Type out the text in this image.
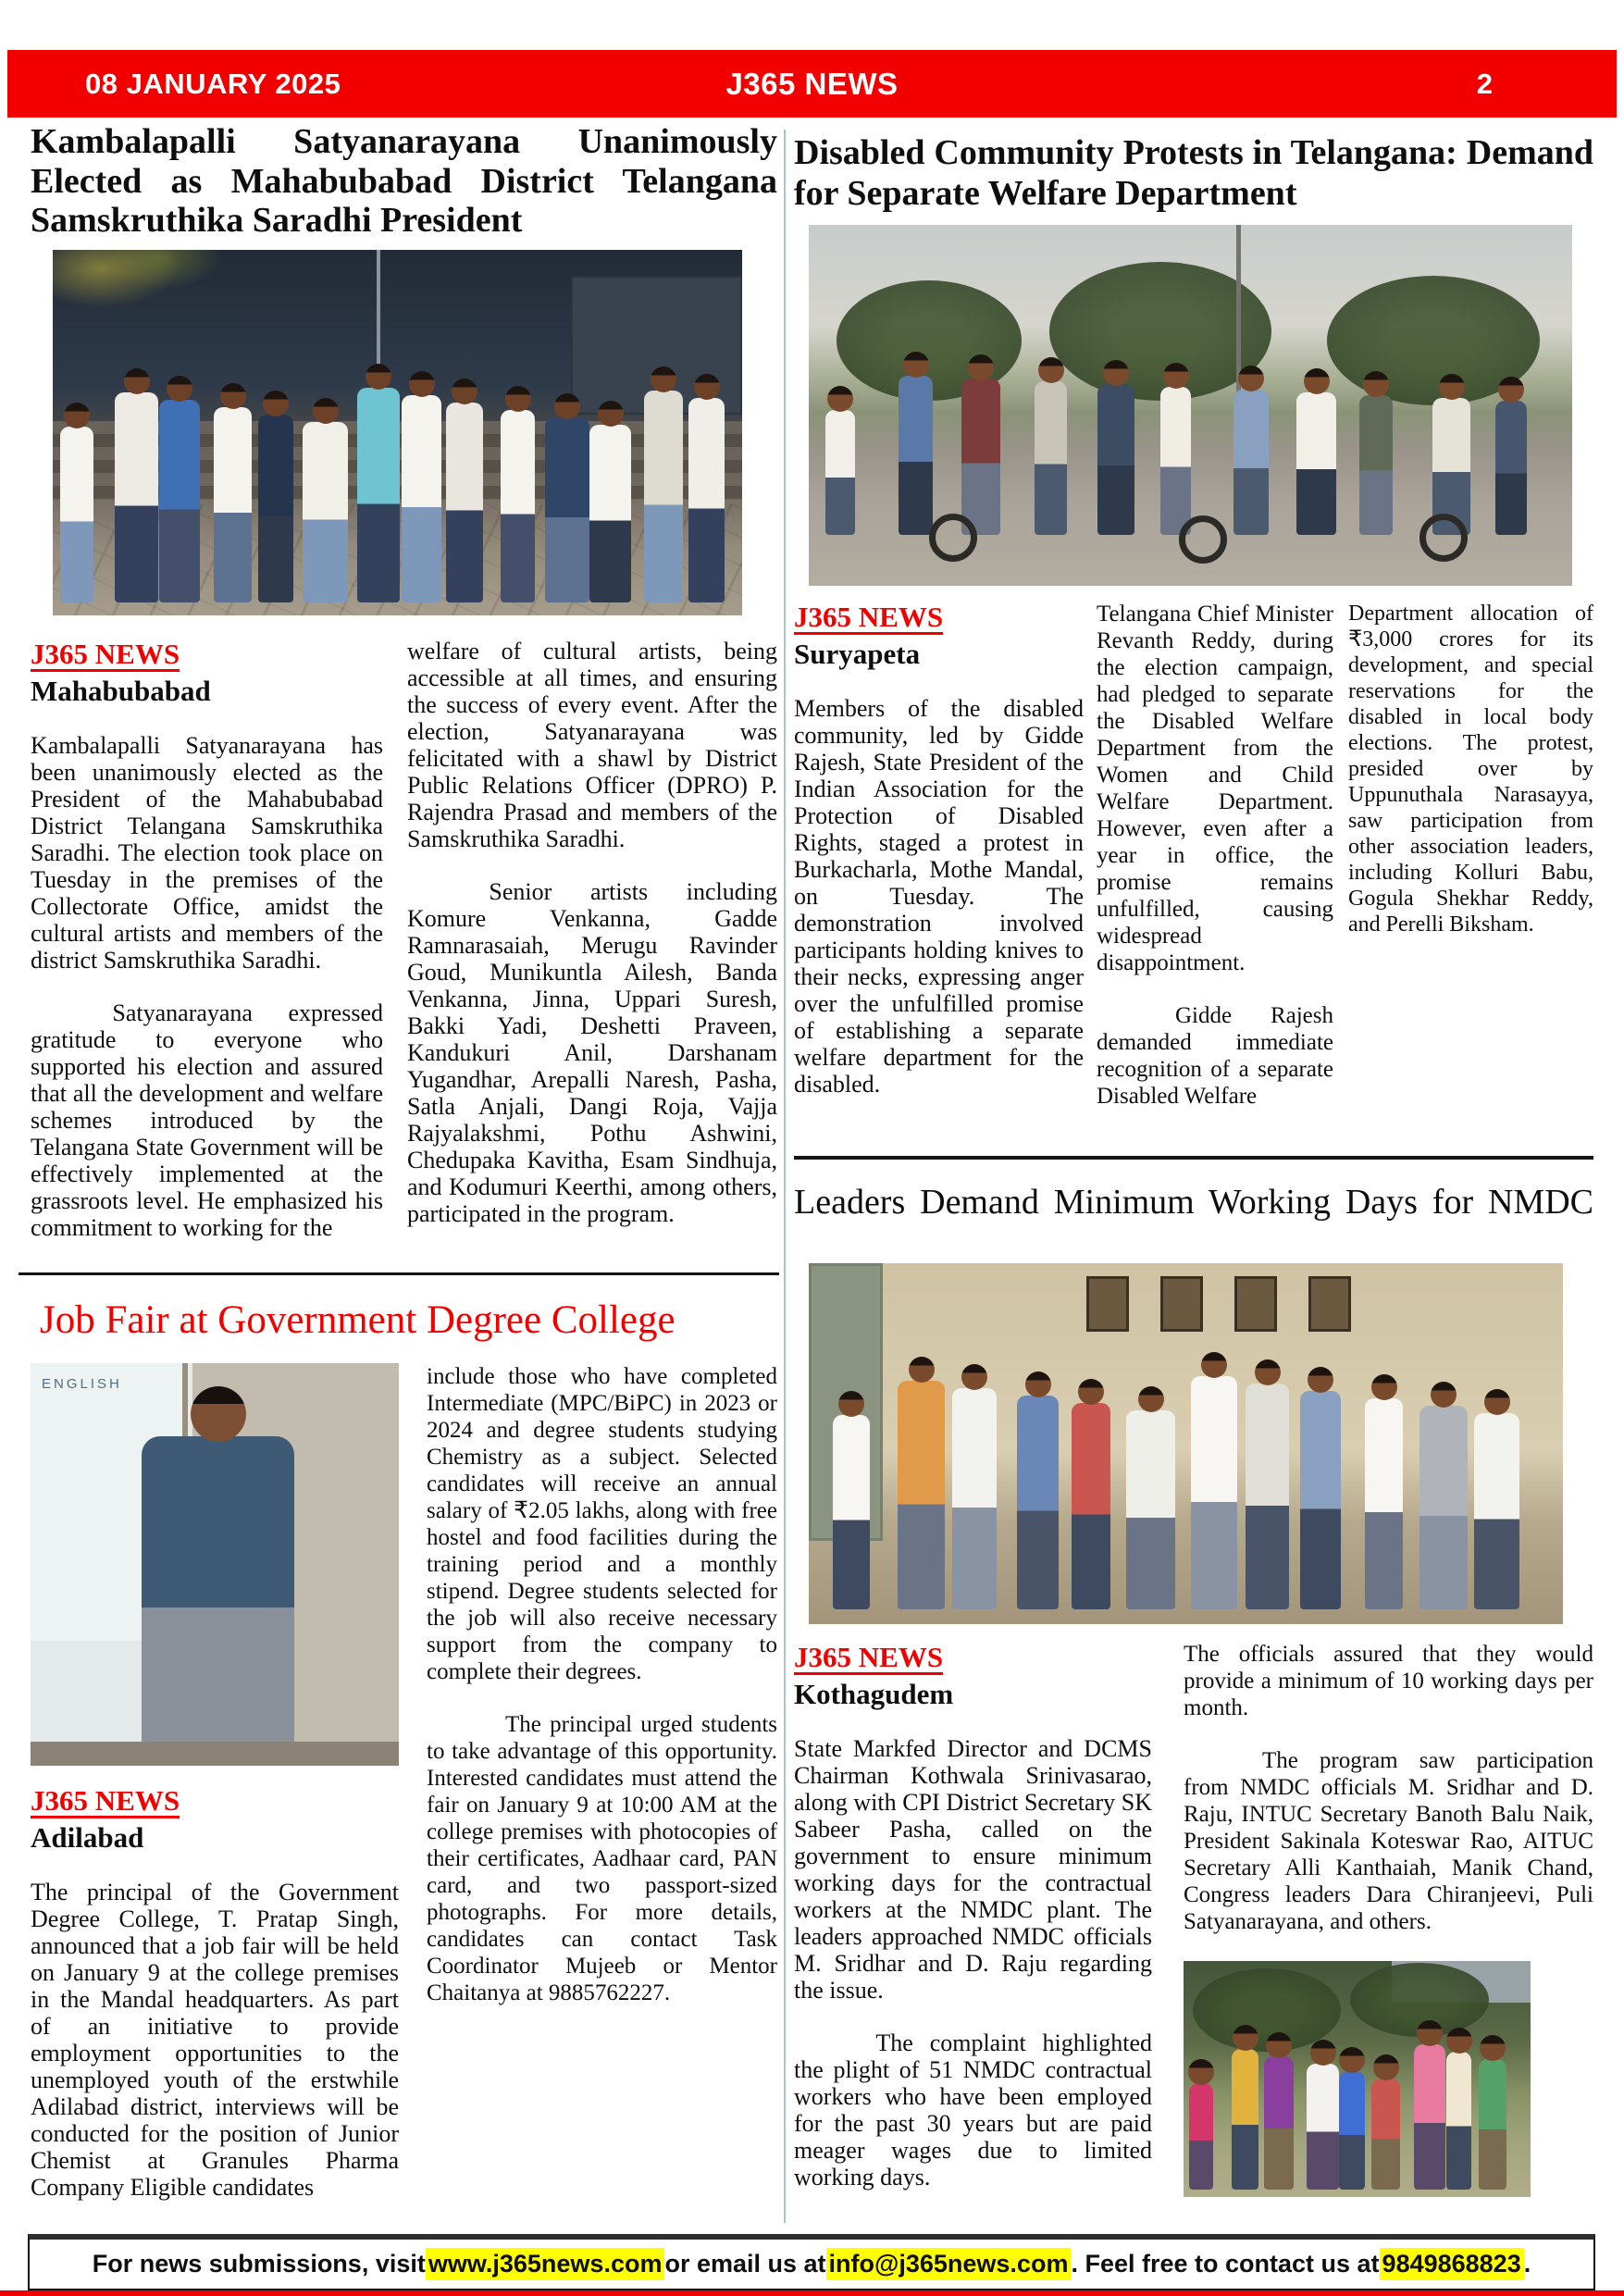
08 JANUARY 2025	J365 NEWS	2
Kambalapalli Satyanarayana Unanimously Elected as Mahabubabad District Telangana Samskruthika Saradhi President
J365 NEWS
Mahabubabad

Kambalapalli Satyanarayana has been unanimously elected as the President of the Mahabubabad District Telangana Samskruthika Saradhi. The election took place on Tuesday in the premises of the Collectorate Office, amidst the cultural artists and members of the district Samskruthika Saradhi.

Satyanarayana expressed gratitude to everyone who supported his election and assured that all the development and welfare schemes introduced by the Telangana State Government will be effectively implemented at the grassroots level. He emphasized his commitment to working for the

welfare of cultural artists, being accessible at all times, and ensuring the success of every event. After the election, Satyanarayana was felicitated with a shawl by District Public Relations Officer (DPRO) P. Rajendra Prasad and members of the Samskruthika Saradhi.

Senior artists including Komure Venkanna, Gadde Ramnarasaiah, Merugu Ravinder Goud, Munikuntla Ailesh, Banda Venkanna, Jinna, Uppari Suresh, Bakki Yadi, Deshetti Praveen, Kandukuri Anil, Darshanam Yugandhar, Arepalli Naresh, Pasha, Satla Anjali, Dangi Roja, Vajja Rajyalakshmi, Pothu Ashwini, Chedupaka Kavitha, Esam Sindhuja, and Kodumuri Keerthi, among others, participated in the program.

Job Fair at Government Degree College
ENGLISH
J365 NEWS
Adilabad

The principal of the Government Degree College, T. Pratap Singh, announced that a job fair will be held on January 9 at the college premises in the Mandal headquarters. As part of an initiative to provide employment opportunities to the unemployed youth of the erstwhile Adilabad district, interviews will be conducted for the position of Junior Chemist at Granules Pharma Company Eligible candidates

include those who have completed Intermediate (MPC/BiPC) in 2023 or 2024 and degree students studying Chemistry as a subject. Selected candidates will receive an annual salary of ₹2.05 lakhs, along with free hostel and food facilities during the training period and a monthly stipend. Degree students selected for the job will also receive necessary support from the company to complete their degrees.

The principal urged students to take advantage of this opportunity. Interested candidates must attend the fair on January 9 at 10:00 AM at the college premises with photocopies of their certificates, Aadhaar card, PAN card, and two passport-sized photographs. For more details, candidates can contact Task Coordinator Mujeeb or Mentor Chaitanya at 9885762227.

Disabled Community Protests in Telangana: Demand for Separate Welfare Department
J365 NEWS
Suryapeta

Members of the disabled community, led by Gidde Rajesh, State President of the Indian Association for the Protection of Disabled Rights, staged a protest in Burkacharla, Mothe Mandal, on Tuesday. The demonstration involved participants holding knives to their necks, expressing anger over the unfulfilled promise of establishing a separate welfare department for the disabled.

Telangana Chief Minister Revanth Reddy, during the election campaign, had pledged to separate the Disabled Welfare Department from the Women and Child Welfare Department. However, even after a year in office, the promise remains unfulfilled, causing widespread disappointment.

Gidde Rajesh demanded immediate recognition of a separate Disabled Welfare

Department allocation of ₹3,000 crores for its development, and special reservations for the disabled in local body elections. The protest, presided over by Uppunuthala Narasayya, saw participation from other association leaders, including Kolluri Babu, Gogula Shekhar Reddy, and Perelli Biksham.

Leaders Demand Minimum Working Days for NMDC
J365 NEWS
Kothagudem

State Markfed Director and DCMS Chairman Kothwala Srinivasarao, along with CPI District Secretary SK Sabeer Pasha, called on the government to ensure minimum working days for the contractual workers at the NMDC plant. The leaders approached NMDC officials M. Sridhar and D. Raju regarding the issue.

The complaint highlighted the plight of 51 NMDC contractual workers who have been employed for the past 30 years but are paid meager wages due to limited working days.

The officials assured that they would provide a minimum of 10 working days per month.

The program saw participation from NMDC officials M. Sridhar and D. Raju, INTUC Secretary Banoth Balu Naik, President Sakinala Koteswar Rao, AITUC Secretary Alli Kanthaiah, Manik Chand, Congress leaders Dara Chiranjeevi, Puli Satyanarayana, and others.

For news submissions, visit www.j365news.com or email us at info@j365news.com . Feel free to contact us at 9849868823 .
